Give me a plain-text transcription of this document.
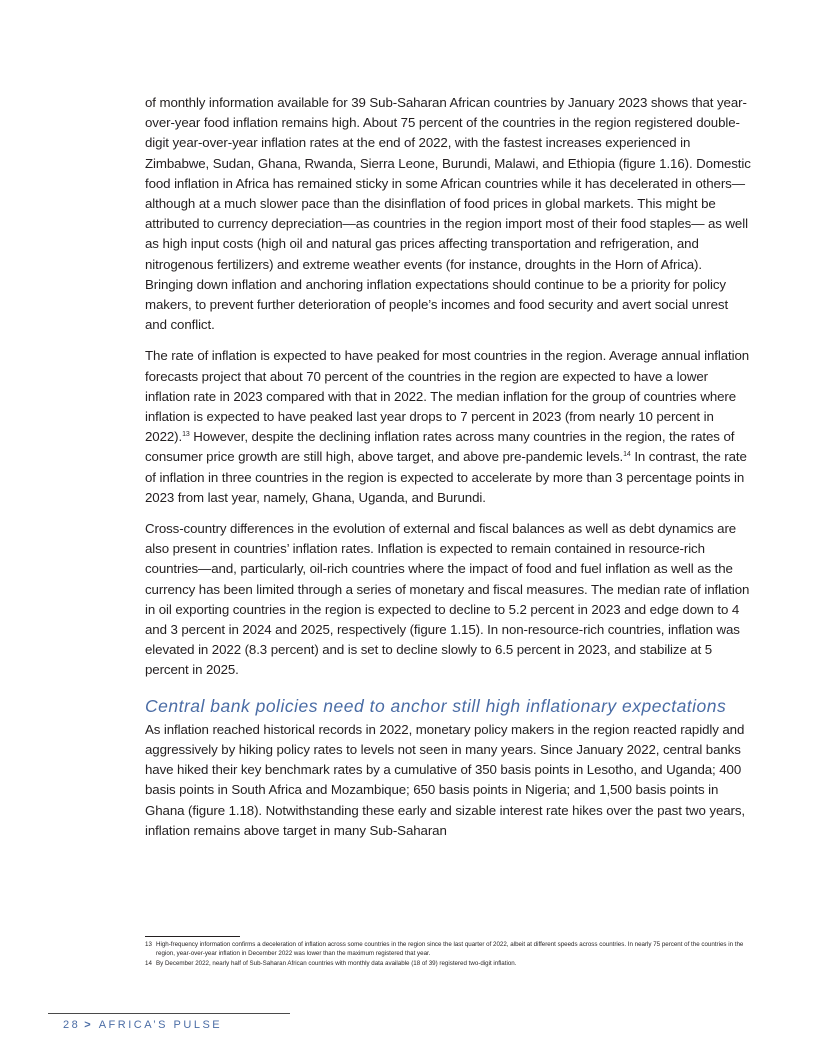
of monthly information available for 39 Sub-Saharan African countries by January 2023 shows that year-over-year food inflation remains high. About 75 percent of the countries in the region registered double-digit year-over-year inflation rates at the end of 2022, with the fastest increases experienced in Zimbabwe, Sudan, Ghana, Rwanda, Sierra Leone, Burundi, Malawi, and Ethiopia (figure 1.16). Domestic food inflation in Africa has remained sticky in some African countries while it has decelerated in others—although at a much slower pace than the disinflation of food prices in global markets. This might be attributed to currency depreciation—as countries in the region import most of their food staples— as well as high input costs (high oil and natural gas prices affecting transportation and refrigeration, and nitrogenous fertilizers) and extreme weather events (for instance, droughts in the Horn of Africa). Bringing down inflation and anchoring inflation expectations should continue to be a priority for policy makers, to prevent further deterioration of people’s incomes and food security and avert social unrest and conflict.

The rate of inflation is expected to have peaked for most countries in the region. Average annual inflation forecasts project that about 70 percent of the countries in the region are expected to have a lower inflation rate in 2023 compared with that in 2022. The median inflation for the group of countries where inflation is expected to have peaked last year drops to 7 percent in 2023 (from nearly 10 percent in 2022).$^{13}$ However, despite the declining inflation rates across many countries in the region, the rates of consumer price growth are still high, above target, and above pre-pandemic levels.$^{14}$ In contrast, the rate of inflation in three countries in the region is expected to accelerate by more than 3 percentage points in 2023 from last year, namely, Ghana, Uganda, and Burundi.

Cross-country differences in the evolution of external and fiscal balances as well as debt dynamics are also present in countries’ inflation rates. Inflation is expected to remain contained in resource-rich countries—and, particularly, oil-rich countries where the impact of food and fuel inflation as well as the currency has been limited through a series of monetary and fiscal measures. The median rate of inflation in oil exporting countries in the region is expected to decline to 5.2 percent in 2023 and edge down to 4 and 3 percent in 2024 and 2025, respectively (figure 1.15). In non-resource-rich countries, inflation was elevated in 2022 (8.3 percent) and is set to decline slowly to 6.5 percent in 2023, and stabilize at 5 percent in 2025.

Central bank policies need to anchor still high inflationary expectations

As inflation reached historical records in 2022, monetary policy makers in the region reacted rapidly and aggressively by hiking policy rates to levels not seen in many years. Since January 2022, central banks have hiked their key benchmark rates by a cumulative of 350 basis points in Lesotho, and Uganda; 400 basis points in South Africa and Mozambique; 650 basis points in Nigeria; and 1,500 basis points in Ghana (figure 1.18). Notwithstanding these early and sizable interest rate hikes over the past two years, inflation remains above target in many Sub-Saharan

13 High-frequency information confirms a deceleration of inflation across some countries in the region since the last quarter of 2022, albeit at different speeds across countries. In nearly 75 percent of the countries in the region, year-over-year inflation in December 2022 was lower than the maximum registered that year.
14 By December 2022, nearly half of Sub-Saharan African countries with monthly data available (18 of 39) registered two-digit inflation.
28 > AFRICA’S PULSE
